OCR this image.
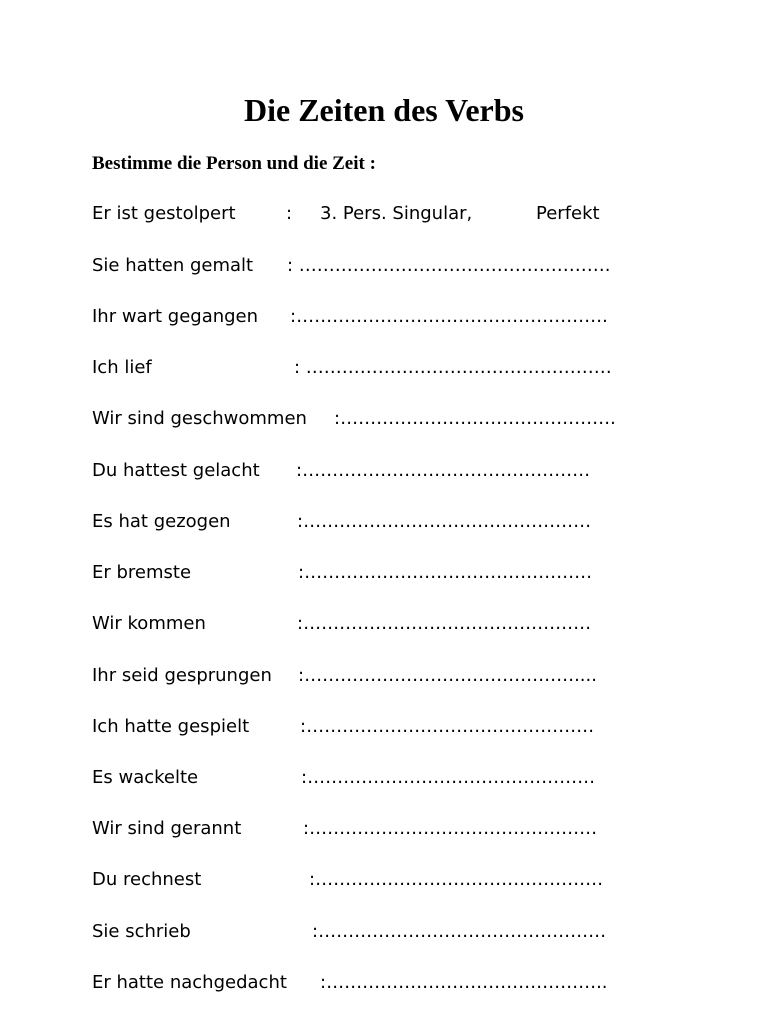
Die Zeiten des Verbs
Bestimme die Person und die Zeit :
Er ist gestolpert	: 3. Pers. Singular,	Perfekt
Sie hatten gemalt : …………………………………………….
Ihr wart gegangen :…………………………………………….
Ich lief	: ……………………………………………
Wir sind geschwommen :……………………………………….
Du hattest gelacht :…………………………………………
Es hat gezogen	:…………………………………………
Er bremste	:…………………………………………
Wir kommen	:…………………………………………
Ihr seid gesprungen :………………………………………....
Ich hatte gespielt	:…………………………………………
Es wackelte	:…………………………………………
Wir sind gerannt	:…………………………………………
Du rechnest	:…………………………………………
Sie schrieb	:…………………………………………
Er hatte nachgedacht :………………………………………..
